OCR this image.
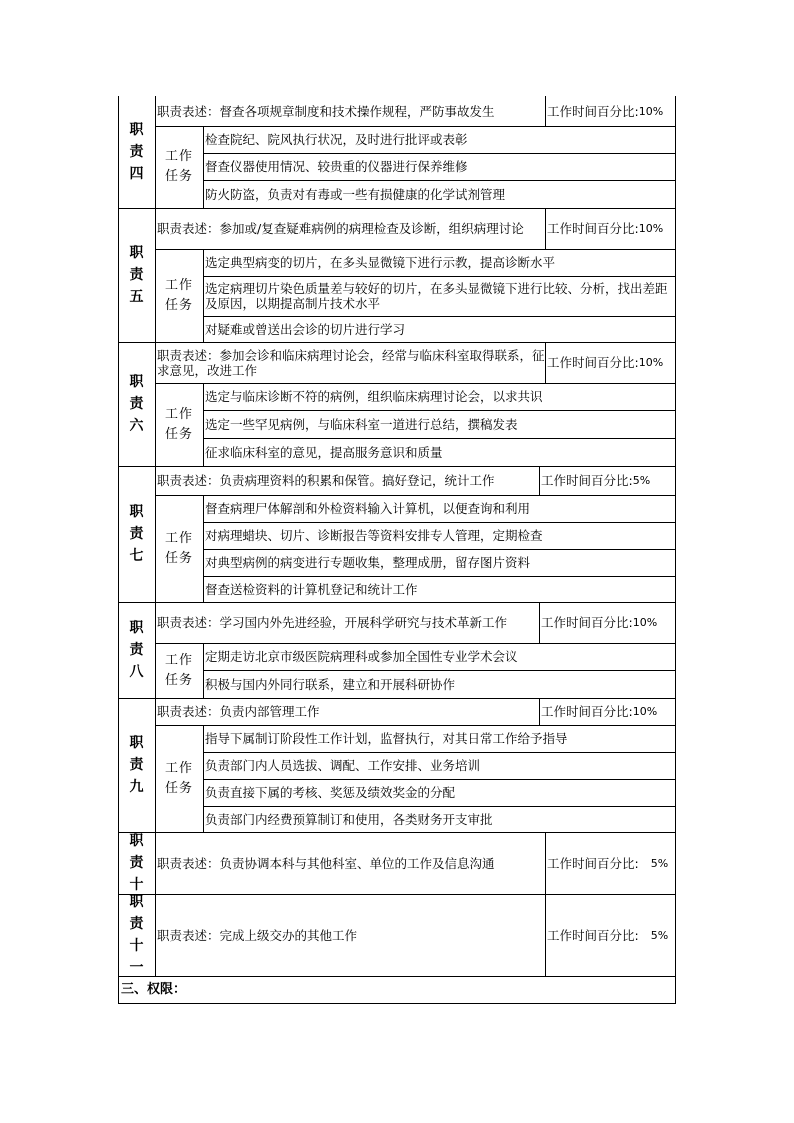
职责四
职责表述：督查各项规章制度和技术操作规程，严防事故发生	工作时间百分比: 10%
工作任务
检查院纪、院风执行状况，及时进行批评或表彰
督查仪器使用情况、较贵重的仪器进行保养维修
防火防盗，负责对有毒或一些有损健康的化学试剂管理
职责五
职责表述：参加或/复查疑难病例的病理检查及诊断，组织病理讨论 工作时间百分比: 10%
工作任务
选定典型病变的切片，在多头显微镜下进行示教，提高诊断水平
选定病理切片染色质量差与较好的切片，在多头显微镜下进行比较、分析，找出差距及原因，以期提高制片技术水平
对疑难或曾送出会诊的切片进行学习
职责六
职责表述：参加会诊和临床病理讨论会，经常与临床科室取得联系，征求意见，改进工作	工作时间百分比: 10%
工作任务
选定与临床诊断不符的病例，组织临床病理讨论会，以求共识
选定一些罕见病例，与临床科室一道进行总结，撰稿发表
征求临床科室的意见，提高服务意识和质量
职责七
职责表述：负责病理资料的积累和保管。搞好登记，统计工作	工作时间百分比: 5%
工作任务
督查病理尸体解剖和外检资料输入计算机，以便查询和利用
对病理蜡块、切片、诊断报告等资料安排专人管理，定期检查
对典型病例的病变进行专题收集，整理成册，留存图片资料
督查送检资料的计算机登记和统计工作
职责八
职责表述：学习国内外先进经验，开展科学研究与技术革新工作	工作时间百分比: 10%
工作任务
定期走访北京市级医院病理科或参加全国性专业学术会议
积极与国内外同行联系，建立和开展科研协作
职责九
职责表述：负责内部管理工作	工作时间百分比: 10%
工作任务
指导下属制订阶段性工作计划，监督执行，对其日常工作给予指导
负责部门内人员选拔、调配、工作安排、业务培训
负责直接下属的考核、奖惩及绩效奖金的分配
负责部门内经费预算制订和使用，各类财务开支审批
职责十
职责表述：负责协调本科与其他科室、单位的工作及信息沟通	工作时间百分比: 5%
职责十一
职责表述：完成上级交办的其他工作	工作时间百分比: 5%
三、权限：
